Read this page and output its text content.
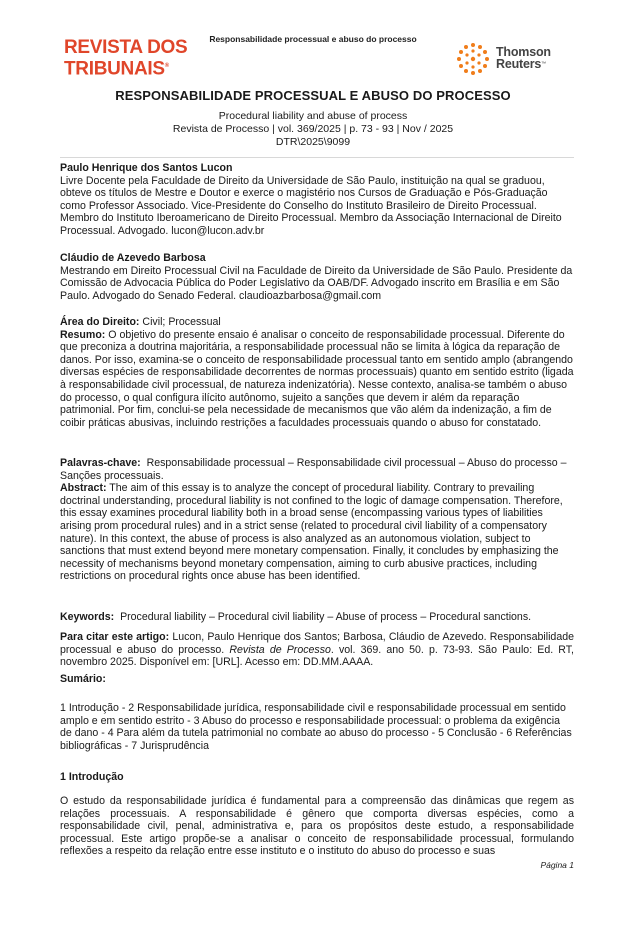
Responsabilidade processual e abuso do processo
REVISTA DOS
TRIBUNAIS®
Thomson
Reuters™
RESPONSABILIDADE PROCESSUAL E ABUSO DO PROCESSO
Procedural liability and abuse of process
Revista de Processo | vol. 369/2025 | p. 73 - 93 | Nov / 2025
DTR\2025\9099

Paulo Henrique dos Santos Lucon

Livre Docente pela Faculdade de Direito da Universidade de São Paulo, instituição na qual se graduou, obteve os títulos de Mestre e Doutor e exerce o magistério nos Cursos de Graduação e Pós-Graduação como Professor Associado. Vice-Presidente do Conselho do Instituto Brasileiro de Direito Processual. Membro do Instituto Iberoamericano de Direito Processual. Membro da Associação Internacional de Direito Processual. Advogado. lucon@lucon.adv.br

Cláudio de Azevedo Barbosa

Mestrando em Direito Processual Civil na Faculdade de Direito da Universidade de São Paulo. Presidente da Comissão de Advocacia Pública do Poder Legislativo da OAB/DF. Advogado inscrito em Brasília e em São Paulo. Advogado do Senado Federal. claudioazbarbosa@gmail.com

Área do Direito: Civil; Processual

Resumo: O objetivo do presente ensaio é analisar o conceito de responsabilidade processual. Diferente do que preconiza a doutrina majoritária, a responsabilidade processual não se limita à lógica da reparação de danos. Por isso, examina-se o conceito de responsabilidade processual tanto em sentido amplo (abrangendo diversas espécies de responsabilidade decorrentes de normas processuais) quanto em sentido estrito (ligada à responsabilidade civil processual, de natureza indenizatória). Nesse contexto, analisa-se também o abuso do processo, o qual configura ilícito autônomo, sujeito a sanções que devem ir além da reparação patrimonial. Por fim, conclui-se pela necessidade de mecanismos que vão além da indenização, a fim de coibir práticas abusivas, incluindo restrições a faculdades processuais quando o abuso for constatado.

Palavras-chave: Responsabilidade processual – Responsabilidade civil processual – Abuso do processo – Sanções processuais.

Abstract: The aim of this essay is to analyze the concept of procedural liability. Contrary to prevailing doctrinal understanding, procedural liability is not confined to the logic of damage compensation. Therefore, this essay examines procedural liability both in a broad sense (encompassing various types of liabilities arising prom procedural rules) and in a strict sense (related to procedural civil liability of a compensatory nature). In this context, the abuse of process is also analyzed as an autonomous violation, subject to sanctions that must extend beyond mere monetary compensation. Finally, it concludes by emphasizing the necessity of mechanisms beyond monetary compensation, aiming to curb abusive practices, including restrictions on procedural rights once abuse has been identified.

Keywords: Procedural liability – Procedural civil liability – Abuse of process – Procedural sanctions.

Para citar este artigo: Lucon, Paulo Henrique dos Santos; Barbosa, Cláudio de Azevedo. Responsabilidade processual e abuso do processo. Revista de Processo. vol. 369. ano 50. p. 73-93. São Paulo: Ed. RT, novembro 2025. Disponível em: [URL]. Acesso em: DD.MM.AAAA.

Sumário:

1 Introdução - 2 Responsabilidade jurídica, responsabilidade civil e responsabilidade processual em sentido amplo e em sentido estrito - 3 Abuso do processo e responsabilidade processual: o problema da exigência de dano - 4 Para além da tutela patrimonial no combate ao abuso do processo - 5 Conclusão - 6 Referências bibliográficas - 7 Jurisprudência

1 Introdução

O estudo da responsabilidade jurídica é fundamental para a compreensão das dinâmicas que regem as relações processuais. A responsabilidade é gênero que comporta diversas espécies, como a responsabilidade civil, penal, administrativa e, para os propósitos deste estudo, a responsabilidade processual. Este artigo propõe-se a analisar o conceito de responsabilidade processual, formulando reflexões a respeito da relação entre esse instituto e o instituto do abuso do processo e suas

Página 1
